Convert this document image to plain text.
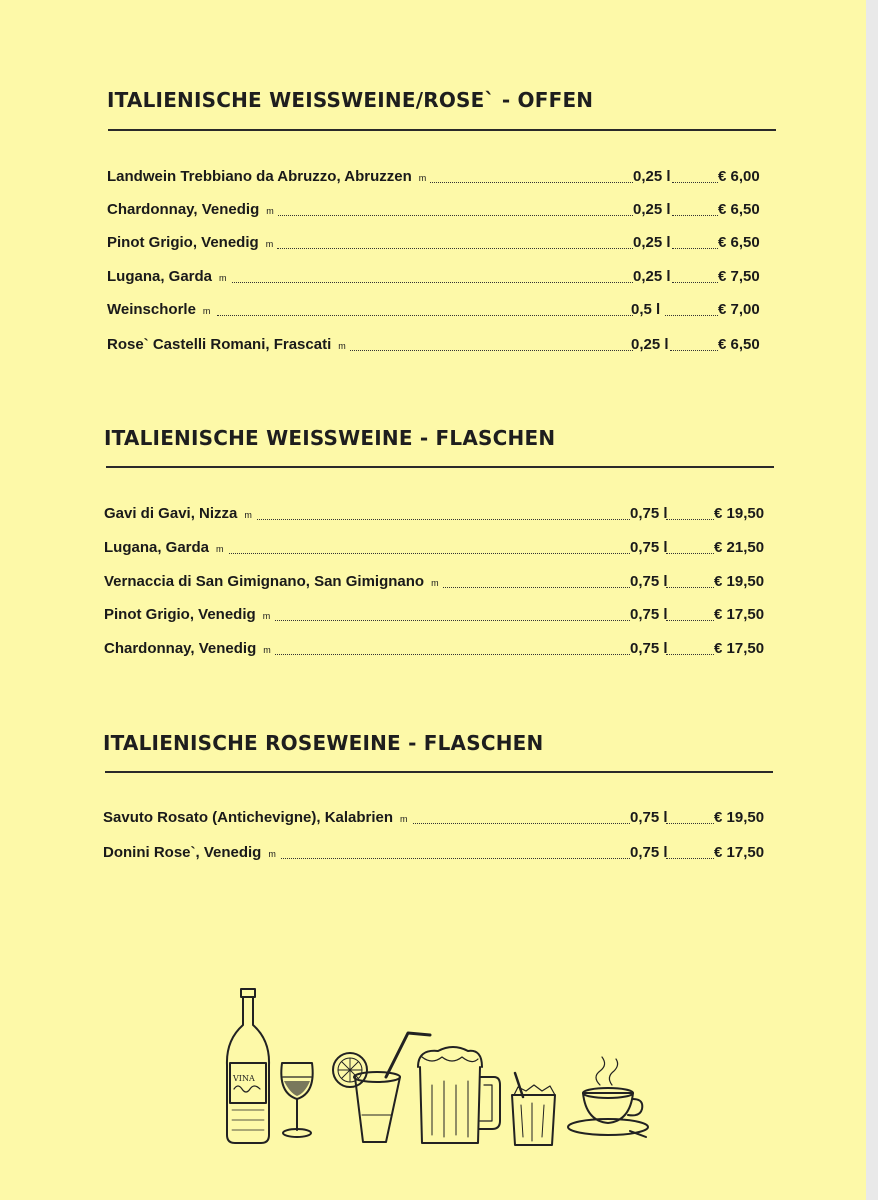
ITALIENISCHE WEISSWEINE/ROSE` - OFFEN
Landwein Trebbiano da Abruzzo, Abruzzen m	0,25 l	€ 6,00
Chardonnay, Venedig m	0,25 l	€ 6,50
Pinot Grigio, Venedig m	0,25 l	€ 6,50
Lugana, Garda m	0,25 l	€ 7,50
Weinschorle m	0,5 l	€ 7,00
Rose` Castelli Romani, Frascati m	0,25 l	€ 6,50
ITALIENISCHE WEISSWEINE - FLASCHEN
Gavi di Gavi, Nizza m	0,75 l	€ 19,50
Lugana, Garda m	0,75 l	€ 21,50
Vernaccia di San Gimignano, San Gimignano m	0,75 l	€ 19,50
Pinot Grigio, Venedig m	0,75 l	€ 17,50
Chardonnay, Venedig m	0,75 l	€ 17,50
ITALIENISCHE ROSEWEINE - FLASCHEN
Savuto Rosato (Antichevigne), Kalabrien m	0,75 l	€ 19,50
Donini Rose`, Venedig m	0,75 l	€ 17,50
VINA
